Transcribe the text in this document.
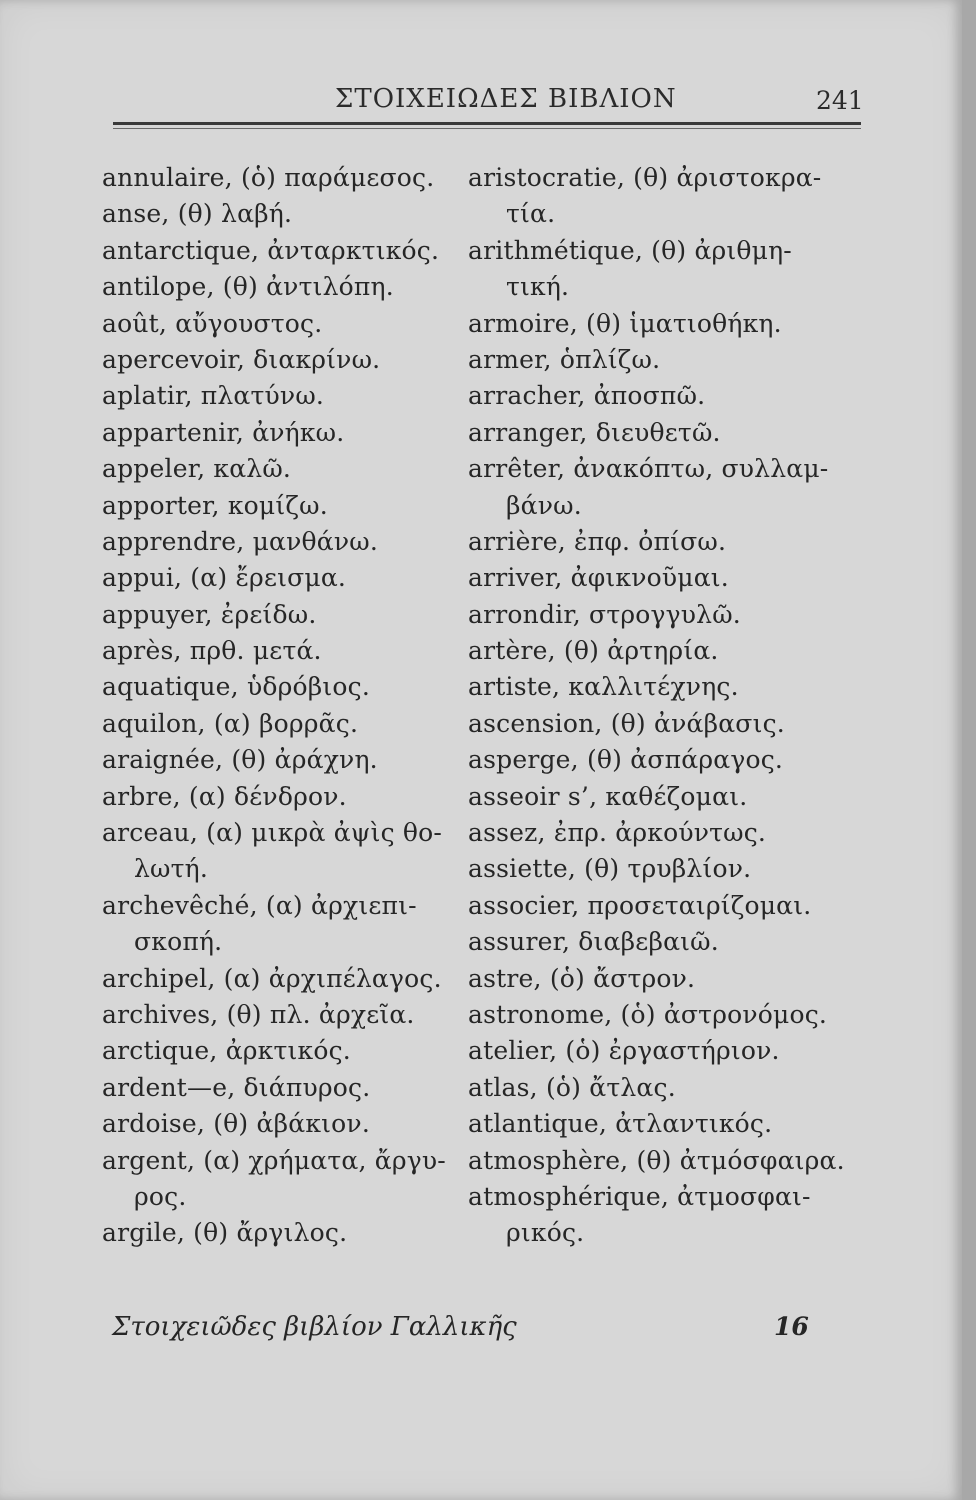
ΣΤΟΙΧΕΙΩΔΕΣ ΒΙΒΛΙΟΝ	241
annulaire, (ὁ) παράμεσος.
anse, (θ) λαβή.
antarctique, ἀνταρκτικός.
antilope, (θ) ἀντιλόπη.
août, αὔγουστος.
apercevoir, διακρίνω.
aplatir, πλατύνω.
appartenir, ἀνήκω.
appeler, καλῶ.
apporter, κομίζω.
apprendre, μανθάνω.
appui, (α) ἔρεισμα.
appuyer, ἐρείδω.
après, πρθ. μετά.
aquatique, ὑδρόβιος.
aquilon, (α) βορρᾶς.
araignée, (θ) ἀράχνη.
arbre, (α) δένδρον.
arceau, (α) μικρὰ ἀψὶς θο-
λωτή.
archevêché, (α) ἀρχιεπι-
σκοπή.
archipel, (α) ἀρχιπέλαγος.
archives, (θ) πλ. ἀρχεῖα.
arctique, ἀρκτικός.
ardent—e, διάπυρος.
ardoise, (θ) ἀβάκιον.
argent, (α) χρήματα, ἄργυ-
ρος.
argile, (θ) ἄργιλος.
aristocratie, (θ) ἀριστοκρα-
τία.
arithmétique, (θ) ἀριθμη-
τική.
armoire, (θ) ἱματιοθήκη.
armer, ὁπλίζω.
arracher, ἀποσπῶ.
arranger, διευθετῶ.
arrêter, ἀνακόπτω, συλλαμ-
βάνω.
arrière, ἐπφ. ὀπίσω.
arriver, ἀφικνοῦμαι.
arrondir, στρογγυλῶ.
artère, (θ) ἀρτηρία.
artiste, καλλιτέχνης.
ascension, (θ) ἀνάβασις.
asperge, (θ) ἀσπάραγος.
asseoir s’, καθέζομαι.
assez, ἐπρ. ἀρκούντως.
assiette, (θ) τρυβλίον.
associer, προσεταιρίζομαι.
assurer, διαβεβαιῶ.
astre, (ὁ) ἄστρον.
astronome, (ὁ) ἀστρονόμος.
atelier, (ὁ) ἐργαστήριον.
atlas, (ὁ) ἄτλας.
atlantique, ἀτλαντικός.
atmosphère, (θ) ἀτμόσφαιρα.
atmosphérique, ἀτμοσφαι-
ρικός.
Στοιχειῶδες βιβλίον Γαλλικῆς	16
